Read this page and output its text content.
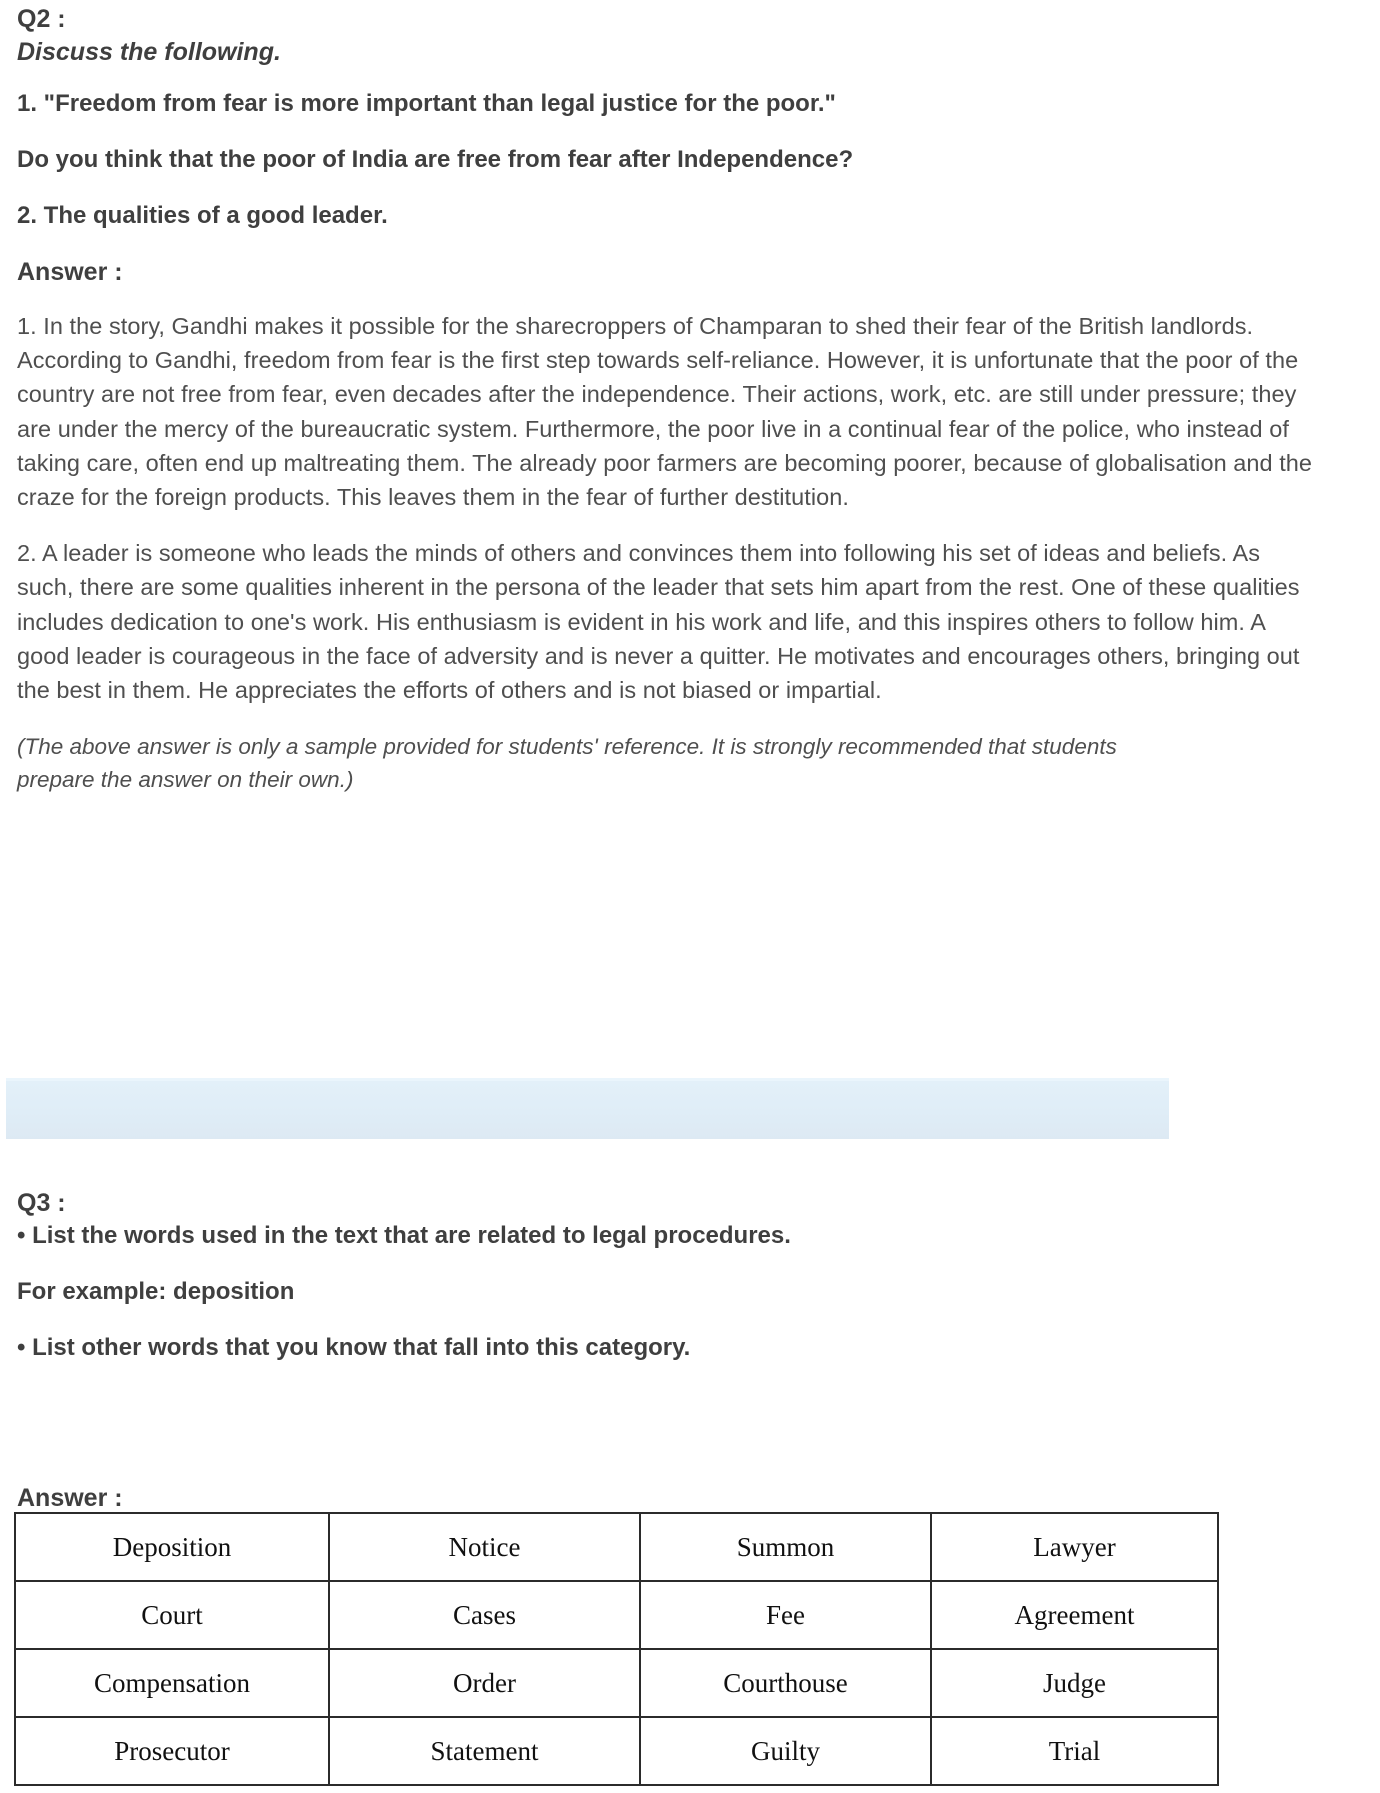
Q2 :

Discuss the following.

1. "Freedom from fear is more important than legal justice for the poor."

Do you think that the poor of India are free from fear after Independence?

2. The qualities of a good leader.

Answer :

1. In the story, Gandhi makes it possible for the sharecroppers of Champaran to shed their fear of the British landlords. According to Gandhi, freedom from fear is the first step towards self-reliance. However, it is unfortunate that the poor of the country are not free from fear, even decades after the independence. Their actions, work, etc. are still under pressure; they are under the mercy of the bureaucratic system. Furthermore, the poor live in a continual fear of the police, who instead of taking care, often end up maltreating them. The already poor farmers are becoming poorer, because of globalisation and the craze for the foreign products. This leaves them in the fear of further destitution.

2. A leader is someone who leads the minds of others and convinces them into following his set of ideas and beliefs. As such, there are some qualities inherent in the persona of the leader that sets him apart from the rest. One of these qualities includes dedication to one's work. His enthusiasm is evident in his work and life, and this inspires others to follow him. A good leader is courageous in the face of adversity and is never a quitter. He motivates and encourages others, bringing out the best in them. He appreciates the efforts of others and is not biased or impartial.

(The above answer is only a sample provided for students' reference. It is strongly recommended that students prepare the answer on their own.)

Q3 :

• List the words used in the text that are related to legal procedures.

For example: deposition

• List other words that you know that fall into this category.

Answer :

Deposition	Notice	Summon	Lawyer
Court	Cases	Fee	Agreement
Compensation	Order	Courthouse	Judge
Prosecutor	Statement	Guilty	Trial
